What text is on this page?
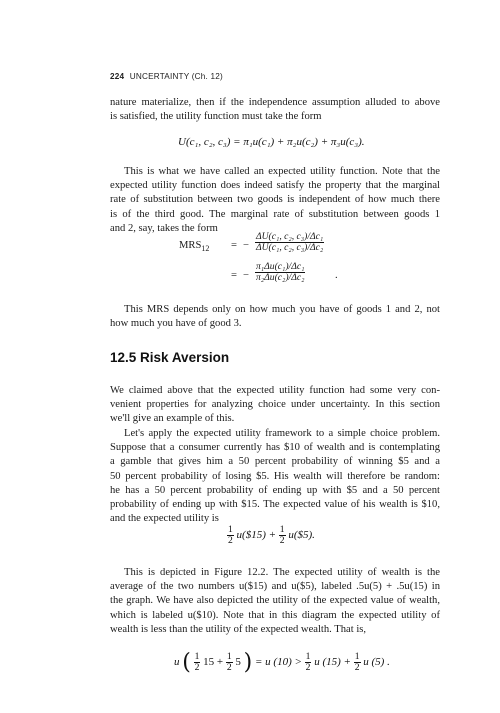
224 UNCERTAINTY (Ch. 12)
nature materialize, then if the independence assumption alluded to above
is satisfied, the utility function must take the form
U(c₁, c₂, c₃) = π₁u(c₁) + π₂u(c₂) + π₃u(c₃).
This is what we have called an expected utility function. Note that the
expected utility function does indeed satisfy the property that the marginal
rate of substitution between two goods is independent of how much there
is of the third good. The marginal rate of substitution between goods 1
and 2, say, takes the form
$MRS_{12}$ = − $\frac{\text{ΔU(c₁, c₂, c₃)/Δc₁}}{\text{ΔU(c₁, c₂, c₃)/Δc₂}}$
= − $\frac{\text{π₁Δu(c₁)/Δc₁}}{\text{π₂Δu(c₂)/Δc₂}}$	.
This MRS depends only on how much you have of goods 1 and 2, not
how much you have of good 3.
12.5 Risk Aversion
We claimed above that the expected utility function had some very con-
venient properties for analyzing choice under uncertainty. In this section
we'll give an example of this.
Let's apply the expected utility framework to a simple choice problem.
Suppose that a consumer currently has $10 of wealth and is contemplating
a gamble that gives him a 50 percent probability of winning $5 and a
50 percent probability of losing $5. His wealth will therefore be random:
he has a 50 percent probability of ending up with $5 and a 50 percent
probability of ending up with $15. The expected value of his wealth is $10,
and the expected utility is
$\frac{1}{2}$ u($15) + $\frac{1}{2}$ u($5).
This is depicted in Figure 12.2. The expected utility of wealth is the
average of the two numbers u($15) and u($5), labeled .5u(5) + .5u(15) in
the graph. We have also depicted the utility of the expected value of wealth,
which is labeled u($10). Note that in this diagram the expected utility of
wealth is less than the utility of the expected wealth. That is,
u ( $\frac{1}{2} 15 + \frac{1}{2} 5$ ) = u $(10) > \frac{1}{2}$ u $(15) + \frac{1}{2}$ u (5) .
